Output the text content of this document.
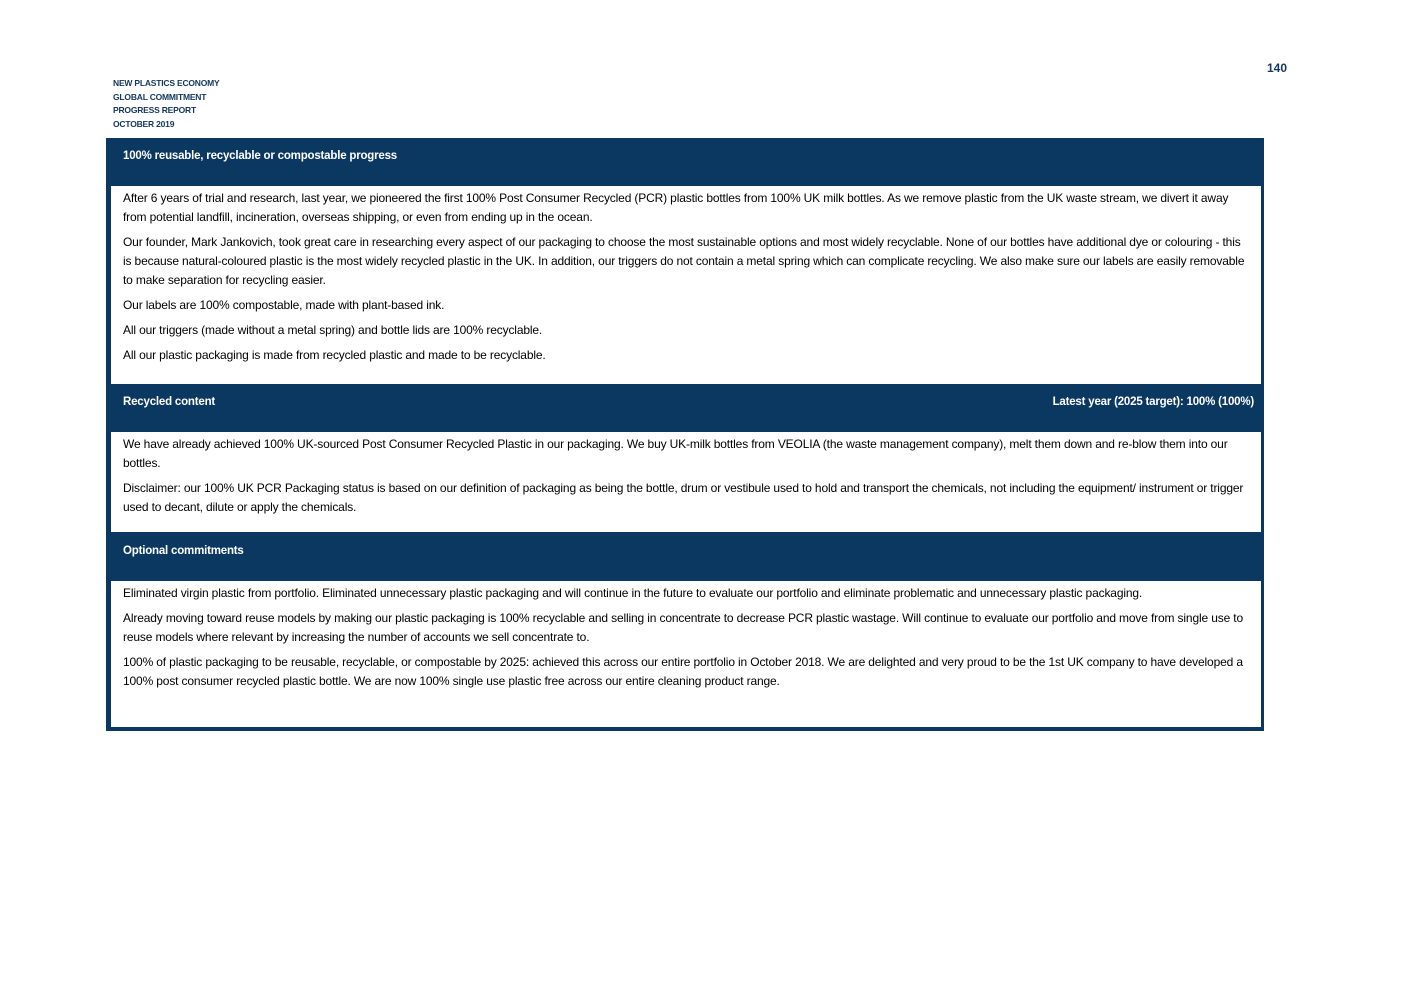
NEW PLASTICS ECONOMY
GLOBAL COMMITMENT
PROGRESS REPORT
OCTOBER 2019
140
100% reusable, recyclable or compostable progress

After 6 years of trial and research, last year, we pioneered the first 100% Post Consumer Recycled (PCR) plastic bottles from 100% UK milk bottles. As we remove plastic from the UK waste stream, we divert it away from potential landfill, incineration, overseas shipping, or even from ending up in the ocean.

Our founder, Mark Jankovich, took great care in researching every aspect of our packaging to choose the most sustainable options and most widely recyclable. None of our bottles have additional dye or colouring - this is because natural-coloured plastic is the most widely recycled plastic in the UK. In addition, our triggers do not contain a metal spring which can complicate recycling. We also make sure our labels are easily removable to make separation for recycling easier.

Our labels are 100% compostable, made with plant-based ink.

All our triggers (made without a metal spring) and bottle lids are 100% recyclable.

All our plastic packaging is made from recycled plastic and made to be recyclable.

Recycled content	Latest year (2025 target): 100% (100%)

We have already achieved 100% UK-sourced Post Consumer Recycled Plastic in our packaging. We buy UK-milk bottles from VEOLIA (the waste management company), melt them down and re-blow them into our bottles.

Disclaimer: our 100% UK PCR Packaging status is based on our definition of packaging as being the bottle, drum or vestibule used to hold and transport the chemicals, not including the equipment/ instrument or trigger used to decant, dilute or apply the chemicals.

Optional commitments

Eliminated virgin plastic from portfolio. Eliminated unnecessary plastic packaging and will continue in the future to evaluate our portfolio and eliminate problematic and unnecessary plastic packaging.

Already moving toward reuse models by making our plastic packaging is 100% recyclable and selling in concentrate to decrease PCR plastic wastage. Will continue to evaluate our portfolio and move from single use to reuse models where relevant by increasing the number of accounts we sell concentrate to.

100% of plastic packaging to be reusable, recyclable, or compostable by 2025: achieved this across our entire portfolio in October 2018. We are delighted and very proud to be the 1st UK company to have developed a 100% post consumer recycled plastic bottle. We are now 100% single use plastic free across our entire cleaning product range.
